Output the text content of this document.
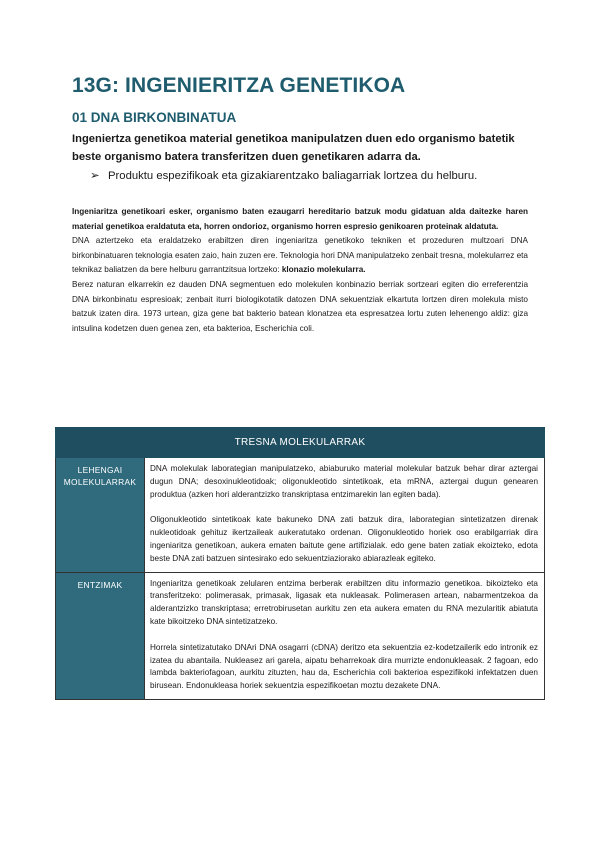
13G: INGENIERITZA GENETIKOA
01 DNA BIRKONBINATUA

Ingeniertza genetikoa material genetikoa manipulatzen duen edo organismo batetik beste organismo batera transferitzen duen genetikaren adarra da.

➢ Produktu espezifikoak eta gizakiarentzako baliagarriak lortzea du helburu.

Ingeniaritza genetikoari esker, organismo baten ezaugarri hereditario batzuk modu gidatuan alda daitezke haren material genetikoa eraldatuta eta, horren ondorioz, organismo horren espresio genikoaren proteinak aldatuta.

DNA aztertzeko eta eraldatzeko erabiltzen diren ingeniaritza genetikoko tekniken et prozeduren multzoari DNA birkonbinatuaren teknologia esaten zaio, hain zuzen ere. Teknologia hori DNA manipulatzeko zenbait tresna, molekularrez eta teknikaz baliatzen da bere helburu garrantzitsua lortzeko: klonazio molekularra.

Berez naturan elkarrekin ez dauden DNA segmentuen edo molekulen konbinazio berriak sortzeari egiten dio erreferentzia DNA birkonbinatu espresioak; zenbait iturri biologikotatik datozen DNA sekuentziak elkartuta lortzen diren molekula misto batzuk izaten dira. 1973 urtean, giza gene bat bakterio batean klonatzea eta espresatzea lortu zuten lehenengo aldiz: giza intsulina kodetzen duen genea zen, eta bakterioa, Escherichia coli.

TRESNA MOLEKULARRAK	
LEHENGAI MOLEKULARRAK	DNA molekulak laborategian manipulatzeko, abiaburuko material molekular batzuk behar dirar aztergai dugun DNA; desoxinukleotidoak; oligonukleotido sintetikoak, eta mRNA, aztergai dugun genearen produktua (azken hori alderantzizko transkriptasa entzimarekin lan egiten bada).

Oligonukleotido sintetikoak kate bakuneko DNA zati batzuk dira, laborategian sintetizatzen direnak nukleotidoak gehituz ikertzaileak aukeratutako ordenan. Oligonukleotido horiek oso erabilgarriak dira ingeniaritza genetikoan, aukera ematen baitute gene artifizialak. edo gene baten zatiak ekoizteko, edota beste DNA zati batzuen sintesirako edo sekuentziaziorako abiarazleak egiteko.

ENTZIMAK	Ingeniaritza genetikoak zelularen entzima berberak erabiltzen ditu informazio genetikoa. bikoizteko eta transferitzeko: polimerasak, primasak, ligasak eta nukleasak. Polimerasen artean, nabarmentzekoa da alderantzizko transkriptasa; erretrobirusetan aurkitu zen eta aukera ematen du RNA mezularitik abiatuta kate bikoitzeko DNA sintetizatzeko.

Horrela sintetizatutako DNAri DNA osagarri (cDNA) deritzo eta sekuentzia ez-kodetzailerik edo intronik ez izatea du abantaila. Nukleasez ari garela, aipatu beharrekoak dira murrizte endonukleasak. 2 fagoan, edo lambda bakteriofagoan, aurkitu zituzten, hau da, Escherichia coli bakterioa espezifikoki infektatzen duen birusean. Endonukleasa horiek sekuentzia espezifikoetan moztu dezakete DNA.
